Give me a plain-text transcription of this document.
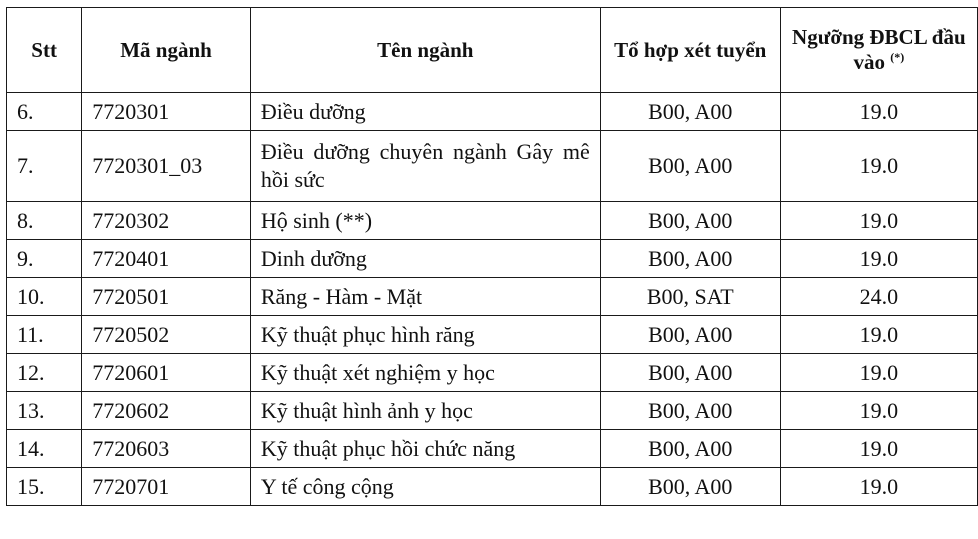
Stt	Mã ngành	Tên ngành	Tổ hợp xét tuyển	Ngưỡng ĐBCL đầu vào (*)
6.	7720301	Điều dưỡng	B00, A00	19.0
7.	7720301_03	Điều dưỡng chuyên ngành Gây mê hồi sức	B00, A00	19.0
8.	7720302	Hộ sinh (**)	B00, A00	19.0
9.	7720401	Dinh dưỡng	B00, A00	19.0
10.	7720501	Răng - Hàm - Mặt	B00, SAT	24.0
11.	7720502	Kỹ thuật phục hình răng	B00, A00	19.0
12.	7720601	Kỹ thuật xét nghiệm y học	B00, A00	19.0
13.	7720602	Kỹ thuật hình ảnh y học	B00, A00	19.0
14.	7720603	Kỹ thuật phục hồi chức năng	B00, A00	19.0
15.	7720701	Y tế công cộng	B00, A00	19.0
